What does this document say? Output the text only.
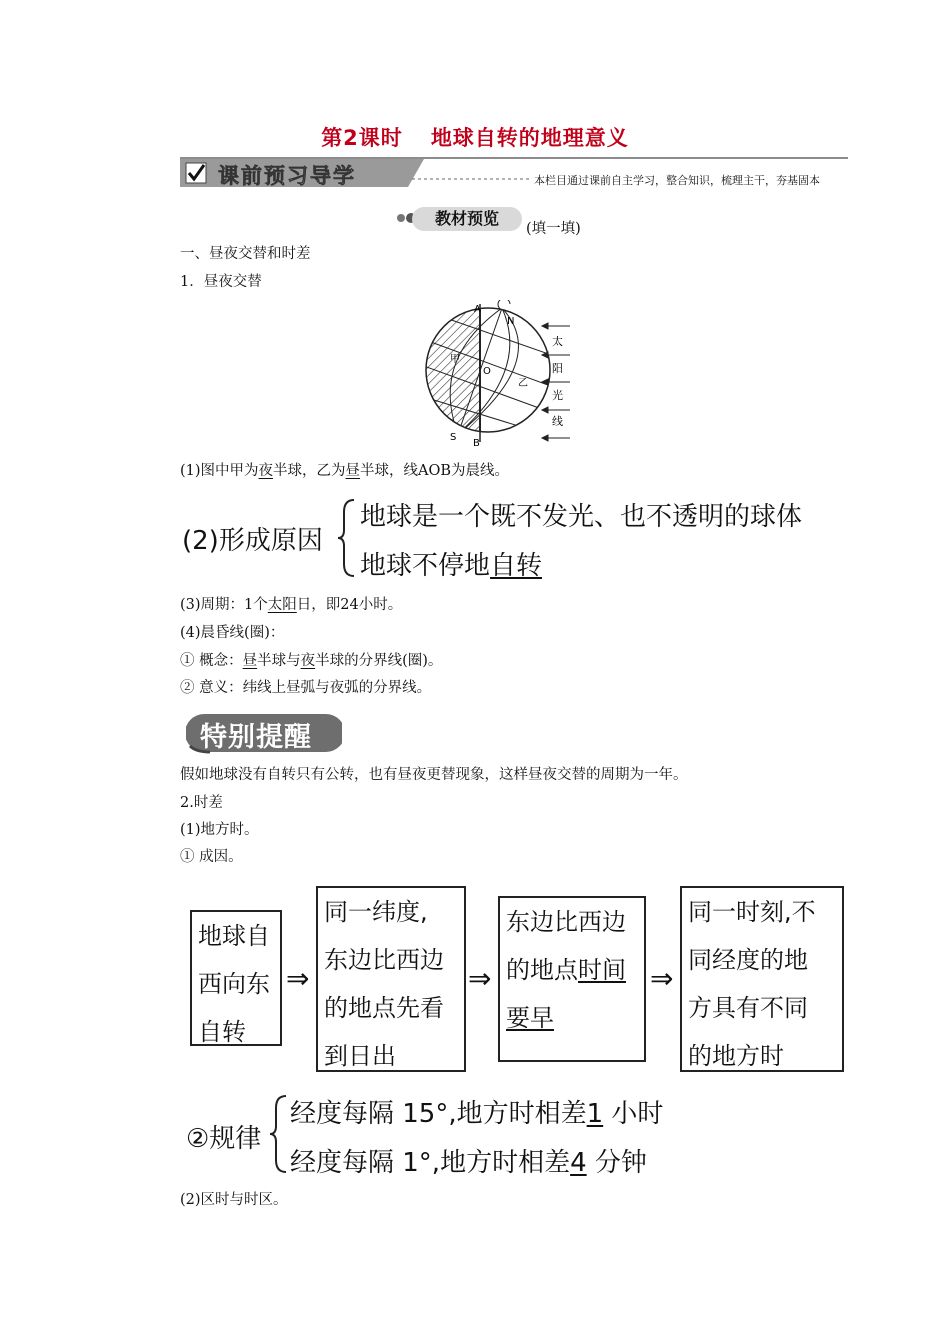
第2课时 地球自转的地理意义
课前预习导学	本栏目通过课前自主学习，整合知识，梳理主干，夯基固本
教材预览
(填一填)
一、昼夜交替和时差
1．昼夜交替
A
N
S
B
O
甲
乙
太
阳
光
线
(1)图中甲为夜半球，乙为昼半球，线AOB为晨线。
(2)形成原因
地球是一个既不发光、也不透明的球体
地球不停地自转
(3)周期：1个太阳日，即24小时。
(4)晨昏线(圈)：
① 概念：昼半球与夜半球的分界线(圈)。
② 意义：纬线上昼弧与夜弧的分界线。
特别提醒
假如地球没有自转只有公转，也有昼夜更替现象，这样昼夜交替的周期为一年。
2.时差
(1)地方时。
① 成因。
地球自
西向东
自转
⇒
同一纬度,
东边比西边
的地点先看
到日出
⇒
东边比西边
的地点时间
要早
⇒
同一时刻,不
同经度的地
方具有不同
的地方时
②规律
经度每隔 15°,地方时相差1 小时
经度每隔 1°,地方时相差4 分钟
(2)区时与时区。
